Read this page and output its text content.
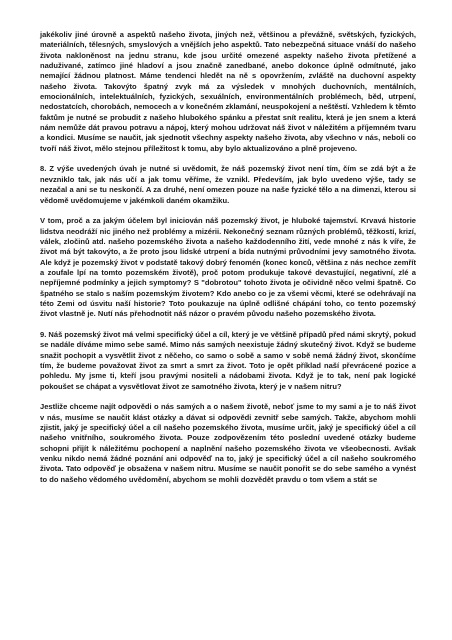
jakékoliv jiné úrovně a aspektů našeho života, jiných než, většinou a převážně, světských, fyzických, materiálních, tělesných, smyslových a vnějších jeho aspektů. Tato nebezpečná situace vnáší do našeho života nakloněnost na jednu stranu, kde jsou určité omezené aspekty našeho života přetížené a naduživané, zatímco jiné hladoví a jsou značně zanedbané, anebo dokonce úplně odmítnuté, jako nemající žádnou platnost. Máme tendenci hledět na ně s opovržením, zvláště na duchovní aspekty našeho života. Takovýto špatný zvyk má za výsledek v mnohých duchovních, mentálních, emocionálních, intelektuálních, fyzických, sexuálních, environmentálních problémech, běd, utrpení, nedostatcích, chorobách, nemocech a v konečném zklamání, neuspokojení a neštěstí. Vzhledem k těmto faktům je nutné se probudit z našeho hlubokého spánku a přestat snít realitu, která je jen snem a která nám nemůže dát pravou potravu a nápoj, který mohou udržovat náš život v náležitém a příjemném tvaru a kondici. Musíme se naučit, jak sjednotit všechny aspekty našeho života, aby všechno v nás, neboli co tvoří náš život, mělo stejnou příležitost k tomu, aby bylo aktualizováno a plně projeveno.

8. Z výše uvedených úvah je nutné si uvědomit, že náš pozemský život není tím, čím se zdá být a že nevzniklo tak, jak nás učí a jak tomu věříme, že vznikl. Především, jak bylo uvedeno výše, tady se nezačal a ani se tu neskončí. A za druhé, není omezen pouze na naše fyzické tělo a na dimenzi, kterou si vědomě uvědomujeme v jakémkoli daném okamžiku.

V tom, proč a za jakým účelem byl iniciován náš pozemský život, je hluboké tajemství. Krvavá historie lidstva neodráží nic jiného než problémy a mizérii. Nekonečný seznam různých problémů, těžkostí, krizí, válek, zločinů atd. našeho pozemského života a našeho každodenního žití, vede mnohé z nás k víře, že život má být takovýto, a že proto jsou lidské utrpení a bída nutnými průvodními jevy samotného života. Ale když je pozemský život v podstatě takový dobrý fenomén (konec konců, většina z nás nechce zemřít a zoufale lpí na tomto pozemském životě), proč potom produkuje takové devastující, negativní, zlé a nepříjemné podmínky a jejich symptomy? S "dobrotou" tohoto života je očividně něco velmi špatně. Co špatného se stalo s naším pozemským životem? Kdo anebo co je za všemi věcmi, které se odehrávají na této Zemi od úsvitu naší historie? Toto poukazuje na úplně odlišné chápání toho, co tento pozemský život vlastně je. Nutí nás přehodnotit náš názor o pravém původu našeho pozemského života.

9. Náš pozemský život má velmi specifický účel a cíl, který je ve většině případů před námi skrytý, pokud se nadále díváme mimo sebe samé. Mimo nás samých neexistuje žádný skutečný život. Když se budeme snažit pochopit a vysvětlit život z něčeho, co samo o sobě a samo v sobě nemá žádný život, skončíme tím, že budeme považovat život za smrt a smrt za život. Toto je opět příklad naší převrácené pozice a pohledu. My jsme ti, kteří jsou pravými nositeli a nádobami života. Když je to tak, není pak logické pokoušet se chápat a vysvětlovat život ze samotného života, který je v našem nitru?

Jestliže chceme najít odpovědi o nás samých a o našem životě, neboť jsme to my sami a je to náš život v nás, musíme se naučit klást otázky a dávat si odpovědi zevnitř sebe samých. Takže, abychom mohli zjistit, jaký je specifický účel a cíl našeho pozemského života, musíme určit, jaký je specifický účel a cíl našeho vnitřního, soukromého života. Pouze zodpovězením této poslední uvedené otázky budeme schopni přijít k náležitému pochopení a naplnění našeho pozemského života ve všeobecnosti. Avšak venku nikdo nemá žádné poznání ani odpověď na to, jaký je specifický účel a cíl našeho soukromého života. Tato odpověď je obsažena v našem nitru. Musíme se naučit ponořit se do sebe samého a vynést to do našeho vědomého uvědomění, abychom se mohli dozvědět pravdu o tom všem a stát se
